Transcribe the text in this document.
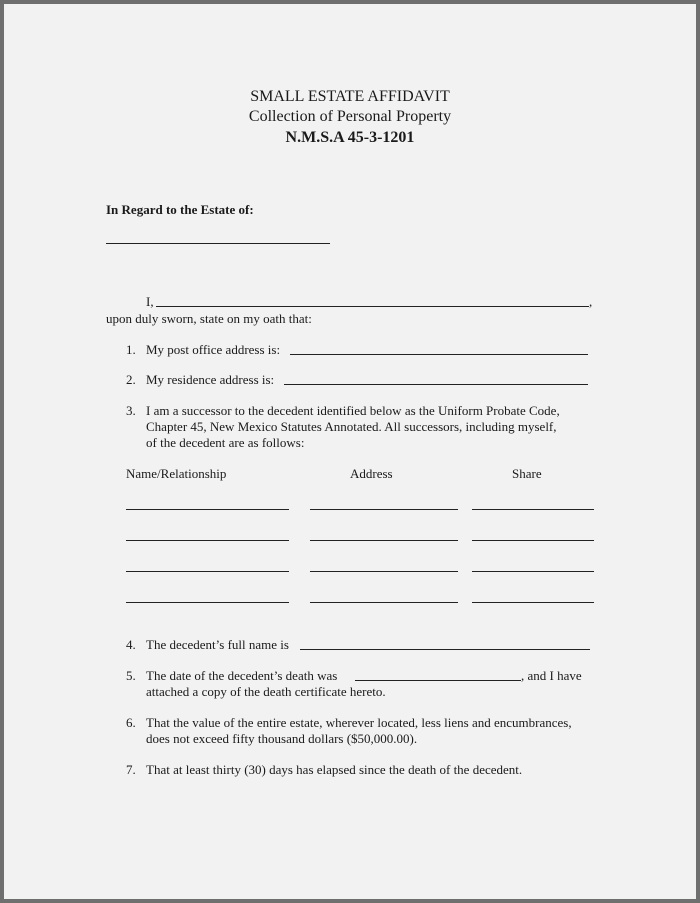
SMALL ESTATE AFFIDAVIT
Collection of Personal Property
N.M.S.A 45-3-1201
In Regard to the Estate of:
I,	,
upon duly sworn, state on my oath that:
1. My post office address is:
2. My residence address is:
3. I am a successor to the decedent identified below as the Uniform Probate Code,
Chapter 45, New Mexico Statutes Annotated. All successors, including myself,
of the decedent are as follows:
Name/Relationship	Address	Share
4. The decedent’s full name is
5. The date of the decedent’s death was	, and I have
attached a copy of the death certificate hereto.
6. That the value of the entire estate, wherever located, less liens and encumbrances,
does not exceed fifty thousand dollars ($50,000.00).
7. That at least thirty (30) days has elapsed since the death of the decedent.
